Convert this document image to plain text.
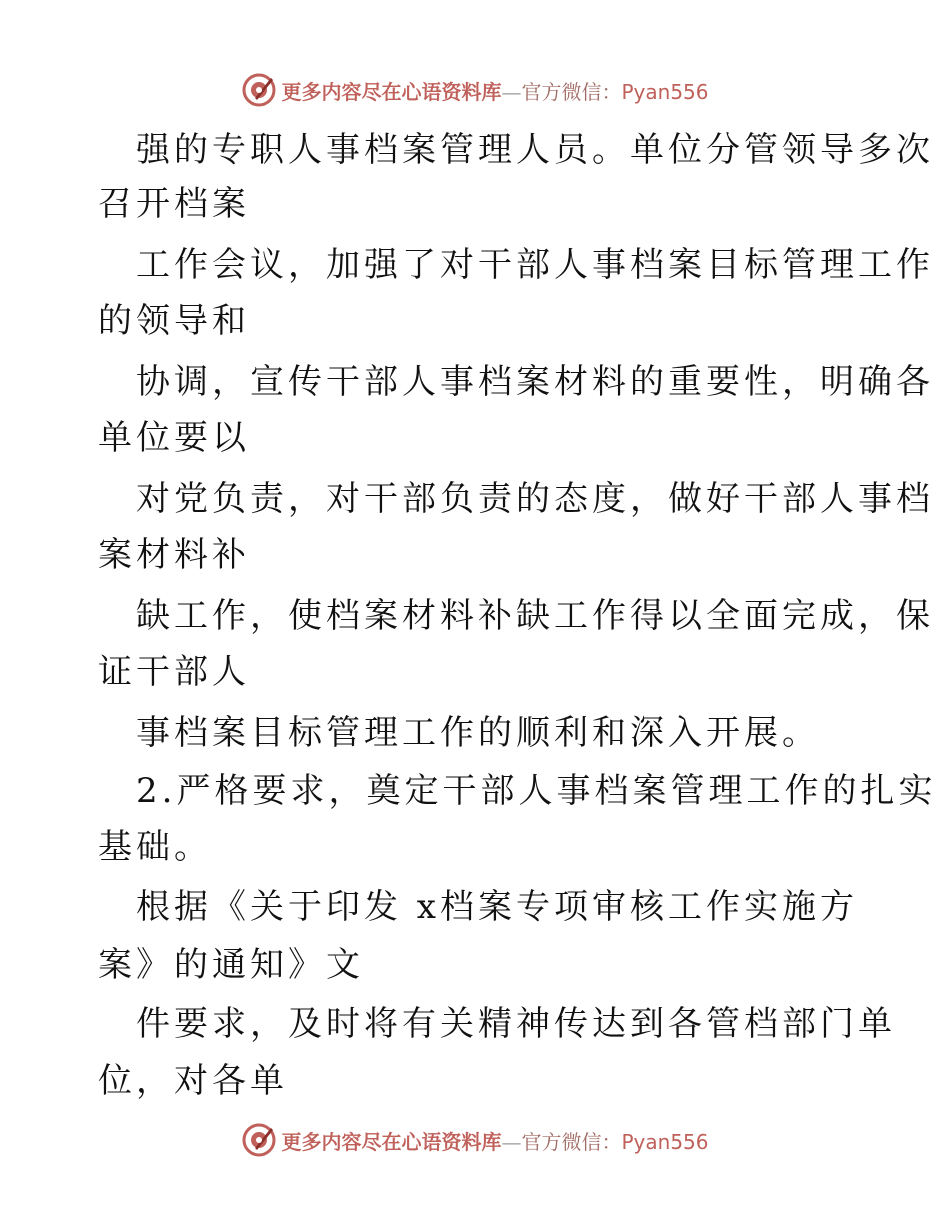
更多内容尽在心语资料库—官方微信：Pyan556
强的专职人事档案管理人员。单位分管领导多次
召开档案
工作会议，加强了对干部人事档案目标管理工作
的领导和
协调，宣传干部人事档案材料的重要性，明确各
单位要以
对党负责，对干部负责的态度，做好干部人事档
案材料补
缺工作，使档案材料补缺工作得以全面完成，保
证干部人
事档案目标管理工作的顺利和深入开展。
2.严格要求，奠定干部人事档案管理工作的扎实
基础。
根据《关于印发 x档案专项审核工作实施方
案》的通知》文
件要求，及时将有关精神传达到各管档部门单
位，对各单
更多内容尽在心语资料库—官方微信：Pyan556
